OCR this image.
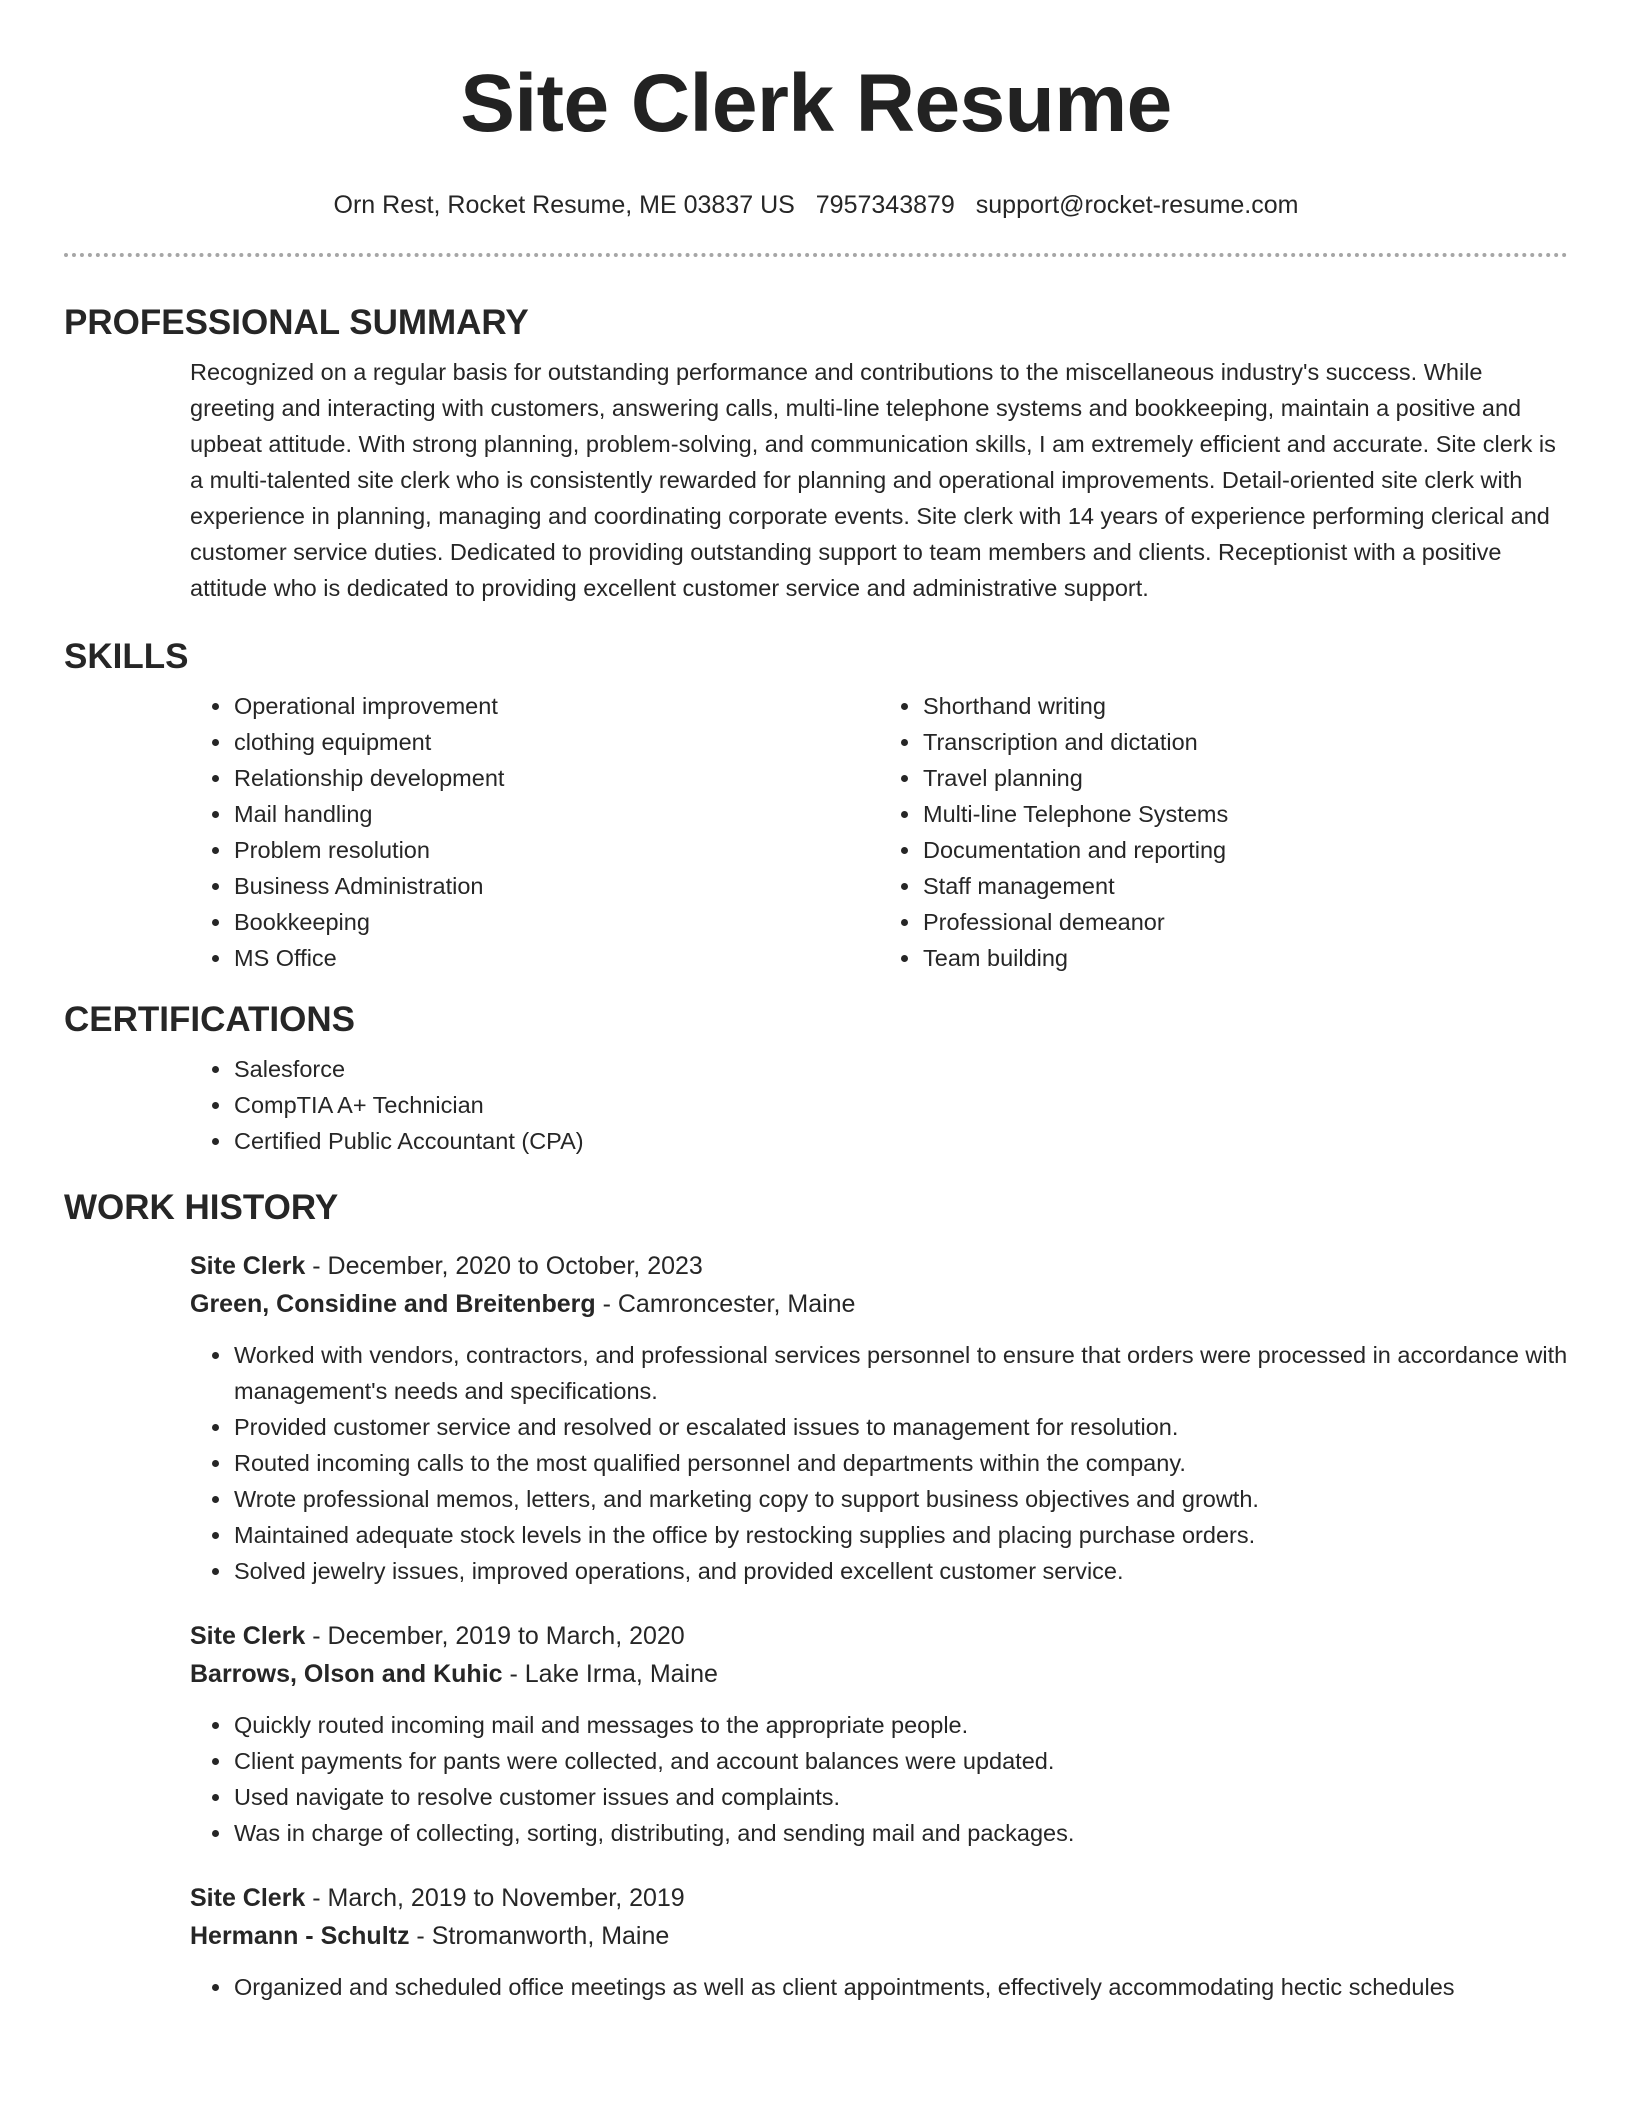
Site Clerk Resume
Orn Rest, Rocket Resume, ME 03837 US 7957343879 support@rocket-resume.com
PROFESSIONAL SUMMARY

Recognized on a regular basis for outstanding performance and contributions to the miscellaneous industry's success. While greeting and interacting with customers, answering calls, multi-line telephone systems and bookkeeping, maintain a positive and upbeat attitude. With strong planning, problem-solving, and communication skills, I am extremely efficient and accurate. Site clerk is a multi-talented site clerk who is consistently rewarded for planning and operational improvements. Detail-oriented site clerk with experience in planning, managing and coordinating corporate events. Site clerk with 14 years of experience performing clerical and customer service duties. Dedicated to providing outstanding support to team members and clients. Receptionist with a positive attitude who is dedicated to providing excellent customer service and administrative support.

SKILLS
• Operational improvement
• clothing equipment
• Relationship development
• Mail handling
• Problem resolution
• Business Administration
• Bookkeeping
• MS Office
• Shorthand writing
• Transcription and dictation
• Travel planning
• Multi-line Telephone Systems
• Documentation and reporting
• Staff management
• Professional demeanor
• Team building
CERTIFICATIONS
• Salesforce
• CompTIA A+ Technician
• Certified Public Accountant (CPA)
WORK HISTORY
Site Clerk - December, 2020 to October, 2023
Green, Considine and Breitenberg - Camroncester, Maine
• Worked with vendors, contractors, and professional services personnel to ensure that orders were processed in accordance with management's needs and specifications.
• Provided customer service and resolved or escalated issues to management for resolution.
• Routed incoming calls to the most qualified personnel and departments within the company.
• Wrote professional memos, letters, and marketing copy to support business objectives and growth.
• Maintained adequate stock levels in the office by restocking supplies and placing purchase orders.
• Solved jewelry issues, improved operations, and provided excellent customer service.
Site Clerk - December, 2019 to March, 2020
Barrows, Olson and Kuhic - Lake Irma, Maine
• Quickly routed incoming mail and messages to the appropriate people.
• Client payments for pants were collected, and account balances were updated.
• Used navigate to resolve customer issues and complaints.
• Was in charge of collecting, sorting, distributing, and sending mail and packages.
Site Clerk - March, 2019 to November, 2019
Hermann - Schultz - Stromanworth, Maine
• Organized and scheduled office meetings as well as client appointments, effectively accommodating hectic schedules
